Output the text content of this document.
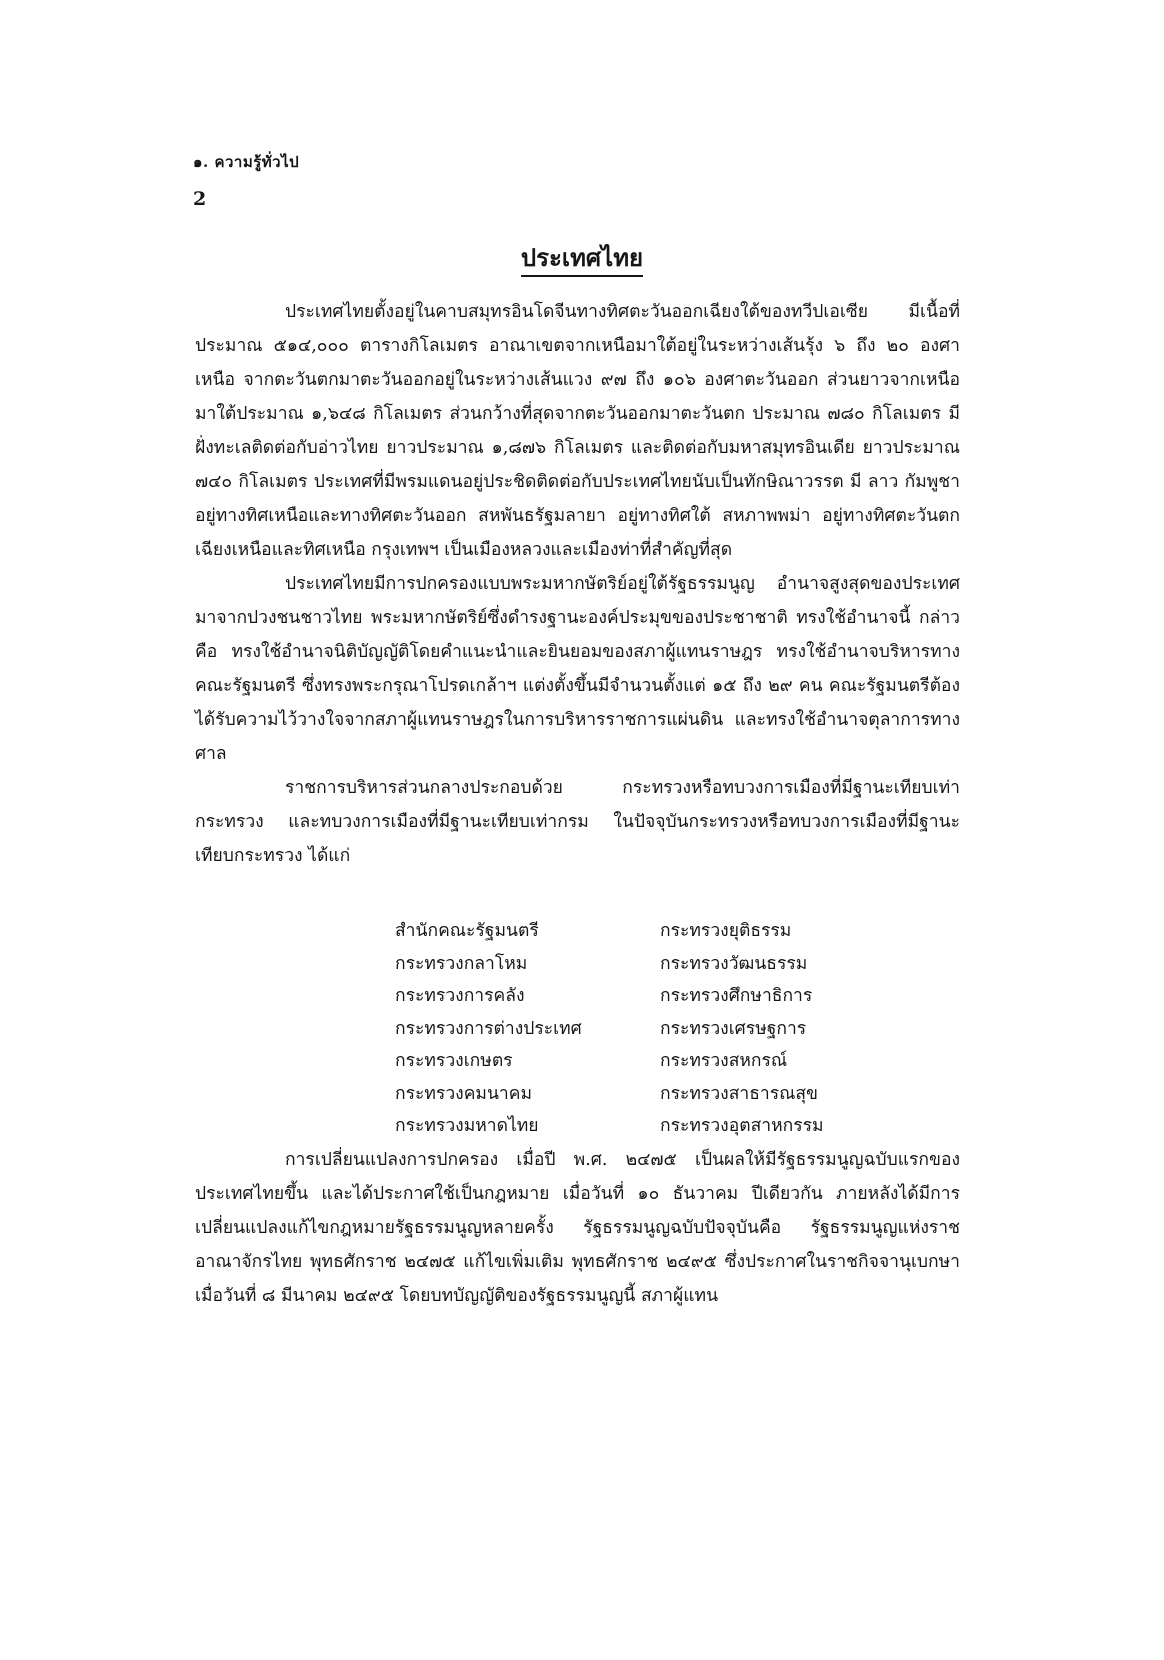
๑. ความรู้ทั่วไป
2
ประเทศไทย

ประเทศไทยตั้งอยู่ในคาบสมุทรอินโดจีนทางทิศตะวันออกเฉียงใต้ของทวีปเอเซีย มีเนื้อที่ประมาณ ๕๑๔,๐๐๐ ตารางกิโลเมตร อาณาเขตจากเหนือมาใต้อยู่ในระหว่างเส้นรุ้ง ๖ ถึง ๒๐ องศาเหนือ จากตะวันตกมาตะวันออกอยู่ในระหว่างเส้นแวง ๙๗ ถึง ๑๐๖ องศาตะวันออก ส่วนยาวจากเหนือมาใต้ประมาณ ๑,๖๔๘ กิโลเมตร ส่วนกว้างที่สุดจากตะวันออกมาตะวันตก ประมาณ ๗๘๐ กิโลเมตร มีฝั่งทะเลติดต่อกับอ่าวไทย ยาวประมาณ ๑,๘๗๖ กิโลเมตร และติดต่อกับมหาสมุทรอินเดีย ยาวประมาณ ๗๔๐ กิโลเมตร ประเทศที่มีพรมแดนอยู่ประชิดติดต่อกับประเทศไทยนับเป็นทักษิณาวรรต มี ลาว กัมพูชา อยู่ทางทิศเหนือและทางทิศตะวันออก สหพันธรัฐมลายา อยู่ทางทิศใต้ สหภาพพม่า อยู่ทางทิศตะวันตกเฉียงเหนือและทิศเหนือ กรุงเทพฯ เป็นเมืองหลวงและเมืองท่าที่สำคัญที่สุด

ประเทศไทยมีการปกครองแบบพระมหากษัตริย์อยู่ใต้รัฐธรรมนูญ อำนาจสูงสุดของประเทศมาจากปวงชนชาวไทย พระมหากษัตริย์ซึ่งดำรงฐานะองค์ประมุขของประชาชาติ ทรงใช้อำนาจนี้ กล่าวคือ ทรงใช้อำนาจนิติบัญญัติโดยคำแนะนำและยินยอมของสภาผู้แทนราษฎร ทรงใช้อำนาจบริหารทางคณะรัฐมนตรี ซึ่งทรงพระกรุณาโปรดเกล้าฯ แต่งตั้งขึ้นมีจำนวนตั้งแต่ ๑๕ ถึง ๒๙ คน คณะรัฐมนตรีต้องได้รับความไว้วางใจจากสภาผู้แทนราษฎรในการบริหารราชการแผ่นดิน และทรงใช้อำนาจตุลาการทางศาล

ราชการบริหารส่วนกลางประกอบด้วย กระทรวงหรือทบวงการเมืองที่มีฐานะเทียบเท่ากระทรวง และทบวงการเมืองที่มีฐานะเทียบเท่ากรม ในปัจจุบันกระทรวงหรือทบวงการเมืองที่มีฐานะเทียบกระทรวง ได้แก่

สำนักคณะรัฐมนตรี
กระทรวงกลาโหม
กระทรวงการคลัง
กระทรวงการต่างประเทศ
กระทรวงเกษตร
กระทรวงคมนาคม
กระทรวงมหาดไทย
กระทรวงยุติธรรม
กระทรวงวัฒนธรรม
กระทรวงศึกษาธิการ
กระทรวงเศรษฐการ
กระทรวงสหกรณ์
กระทรวงสาธารณสุข
กระทรวงอุตสาหกรรม

การเปลี่ยนแปลงการปกครอง เมื่อปี พ.ศ. ๒๔๗๕ เป็นผลให้มีรัฐธรรมนูญฉบับแรกของประเทศไทยขึ้น และได้ประกาศใช้เป็นกฎหมาย เมื่อวันที่ ๑๐ ธันวาคม ปีเดียวกัน ภายหลังได้มีการเปลี่ยนแปลงแก้ไขกฎหมายรัฐธรรมนูญหลายครั้ง รัฐธรรมนูญฉบับปัจจุบันคือ รัฐธรรมนูญแห่งราชอาณาจักรไทย พุทธศักราช ๒๔๗๕ แก้ไขเพิ่มเติม พุทธศักราช ๒๔๙๕ ซึ่งประกาศในราชกิจจานุเบกษา เมื่อวันที่ ๘ มีนาคม ๒๔๙๕ โดยบทบัญญัติของรัฐธรรมนูญนี้ สภาผู้แทน
